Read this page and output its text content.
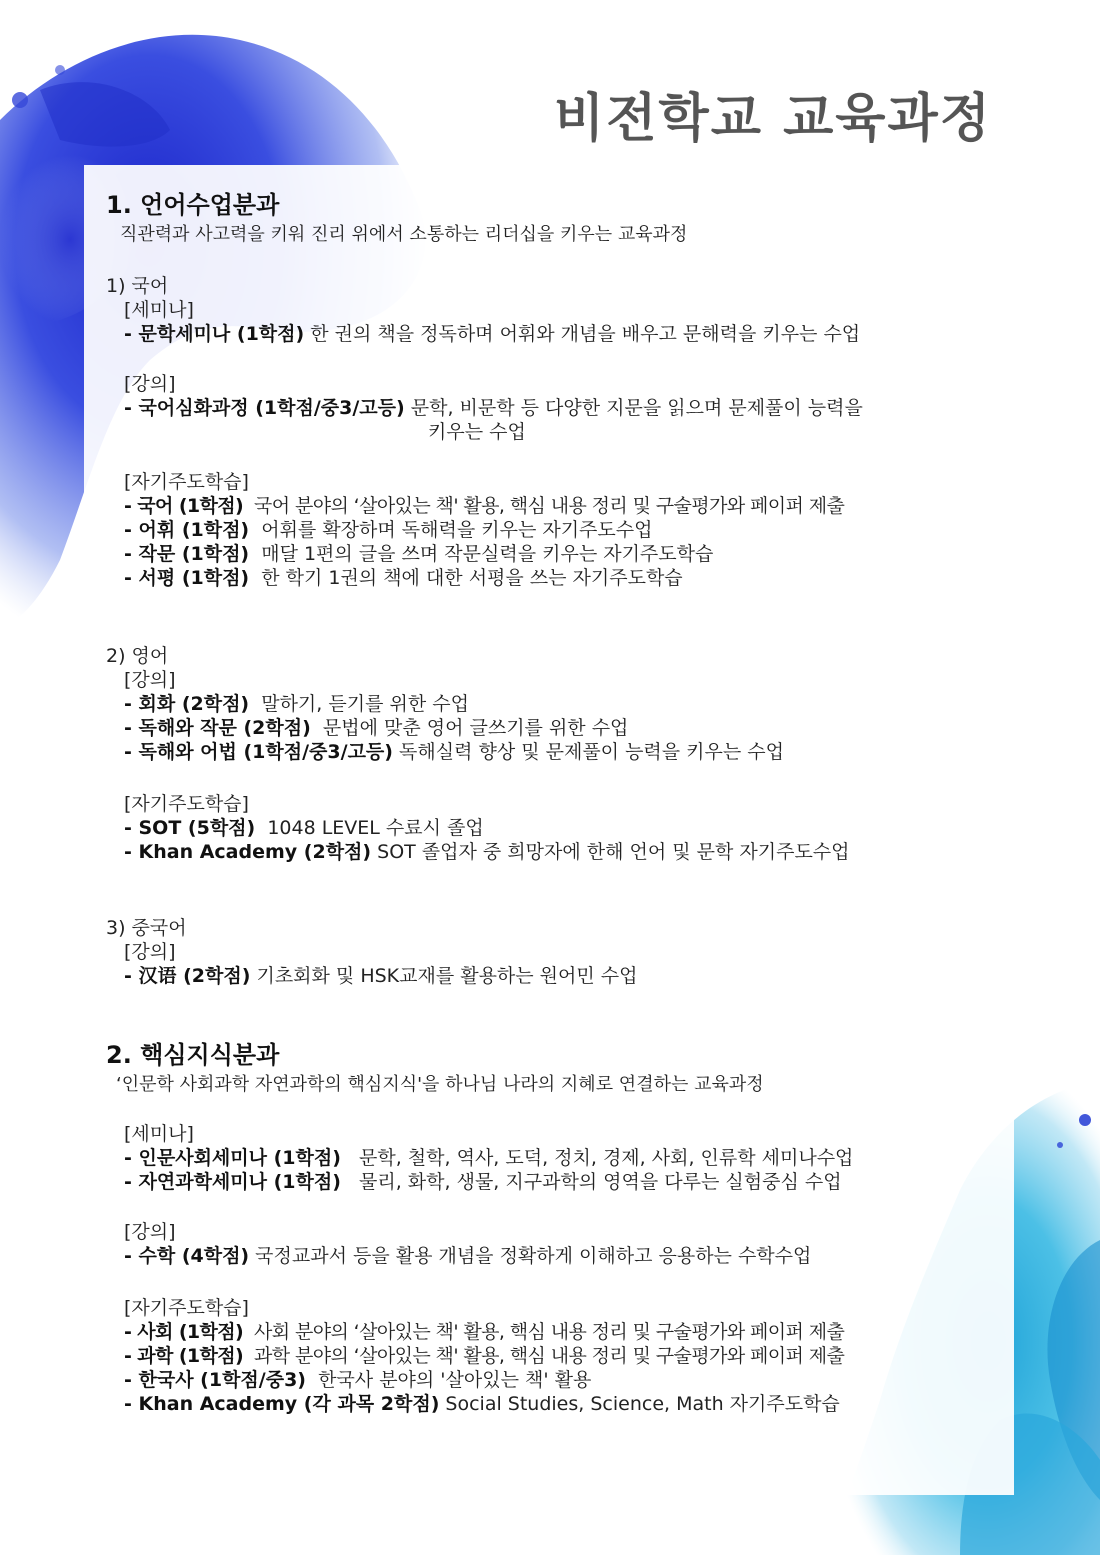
비전학교 교육과정
1. 언어수업분과
직관력과 사고력을 키워 진리 위에서 소통하는 리더십을 키우는 교육과정
1) 국어
[세미나]
- 문학세미나 (1학점) 한 권의 책을 정독하며 어휘와 개념을 배우고 문해력을 키우는 수업
[강의]
- 국어심화과정 (1학점/중3/고등) 문학, 비문학 등 다양한 지문을 읽으며 문제풀이 능력을
키우는 수업
[자기주도학습]
- 국어 (1학점) 국어 분야의 ‘살아있는 책' 활용, 핵심 내용 정리 및 구술평가와 페이퍼 제출
- 어휘 (1학점) 어휘를 확장하며 독해력을 키우는 자기주도수업
- 작문 (1학점) 매달 1편의 글을 쓰며 작문실력을 키우는 자기주도학습
- 서평 (1학점) 한 학기 1권의 책에 대한 서평을 쓰는 자기주도학습
2) 영어
[강의]
- 회화 (2학점) 말하기, 듣기를 위한 수업
- 독해와 작문 (2학점) 문법에 맞춘 영어 글쓰기를 위한 수업
- 독해와 어법 (1학점/중3/고등) 독해실력 향상 및 문제풀이 능력을 키우는 수업
[자기주도학습]
- SOT (5학점) 1048 LEVEL 수료시 졸업
- Khan Academy (2학점) SOT 졸업자 중 희망자에 한해 언어 및 문학 자기주도수업
3) 중국어
[강의]
- 汉语 (2학점) 기초회화 및 HSK교재를 활용하는 원어민 수업
2. 핵심지식분과
‘인문학 사회과학 자연과학의 핵심지식'을 하나님 나라의 지혜로 연결하는 교육과정
[세미나]
- 인문사회세미나 (1학점) 문학, 철학, 역사, 도덕, 정치, 경제, 사회, 인류학 세미나수업
- 자연과학세미나 (1학점) 물리, 화학, 생물, 지구과학의 영역을 다루는 실험중심 수업
[강의]
- 수학 (4학점) 국정교과서 등을 활용 개념을 정확하게 이해하고 응용하는 수학수업
[자기주도학습]
- 사회 (1학점) 사회 분야의 ‘살아있는 책' 활용, 핵심 내용 정리 및 구술평가와 페이퍼 제출
- 과학 (1학점) 과학 분야의 ‘살아있는 책' 활용, 핵심 내용 정리 및 구술평가와 페이퍼 제출
- 한국사 (1학점/중3) 한국사 분야의 '살아있는 책' 활용
- Khan Academy (각 과목 2학점) Social Studies, Science, Math 자기주도학습
